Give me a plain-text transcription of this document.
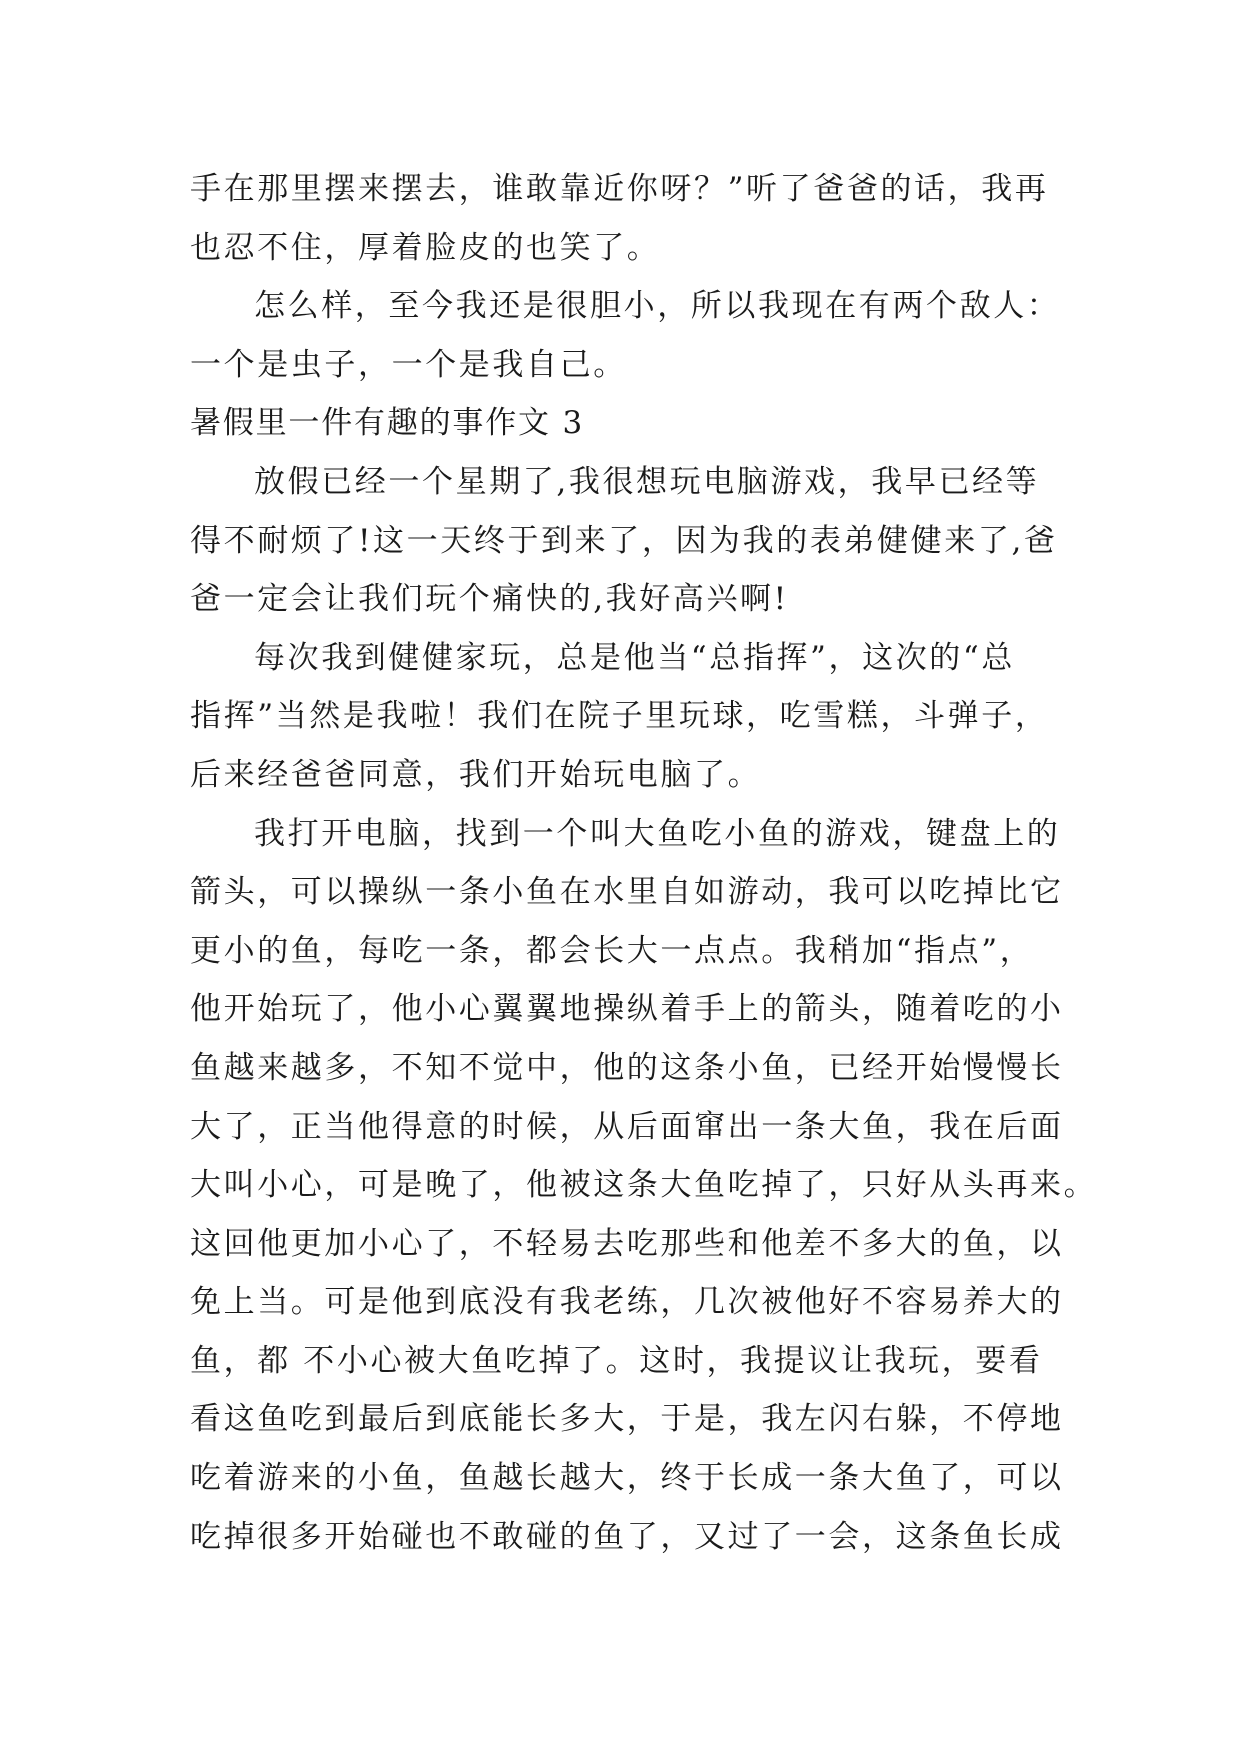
手在那里摆来摆去，谁敢靠近你呀？”听了爸爸的话，我再
也忍不住，厚着脸皮的也笑了。
怎么样，至今我还是很胆小，所以我现在有两个敌人：
一个是虫子，一个是我自己。
暑假里一件有趣的事作文 3
放假已经一个星期了,我很想玩电脑游戏，我早已经等
得不耐烦了!这一天终于到来了，因为我的表弟健健来了,爸
爸一定会让我们玩个痛快的,我好高兴啊!
每次我到健健家玩，总是他当“总指挥”，这次的“总
指挥”当然是我啦！我们在院子里玩球，吃雪糕，斗弹子，
后来经爸爸同意，我们开始玩电脑了。
我打开电脑，找到一个叫大鱼吃小鱼的游戏，键盘上的
箭头，可以操纵一条小鱼在水里自如游动，我可以吃掉比它
更小的鱼，每吃一条，都会长大一点点。我稍加“指点”，
他开始玩了，他小心翼翼地操纵着手上的箭头，随着吃的小
鱼越来越多，不知不觉中，他的这条小鱼，已经开始慢慢长
大了，正当他得意的时候，从后面窜出一条大鱼，我在后面
大叫小心，可是晚了，他被这条大鱼吃掉了，只好从头再来。
这回他更加小心了，不轻易去吃那些和他差不多大的鱼，以
免上当。可是他到底没有我老练，几次被他好不容易养大的
鱼，都 不小心被大鱼吃掉了。这时，我提议让我玩，要看
看这鱼吃到最后到底能长多大，于是，我左闪右躲，不停地
吃着游来的小鱼，鱼越长越大，终于长成一条大鱼了，可以
吃掉很多开始碰也不敢碰的鱼了，又过了一会，这条鱼长成
